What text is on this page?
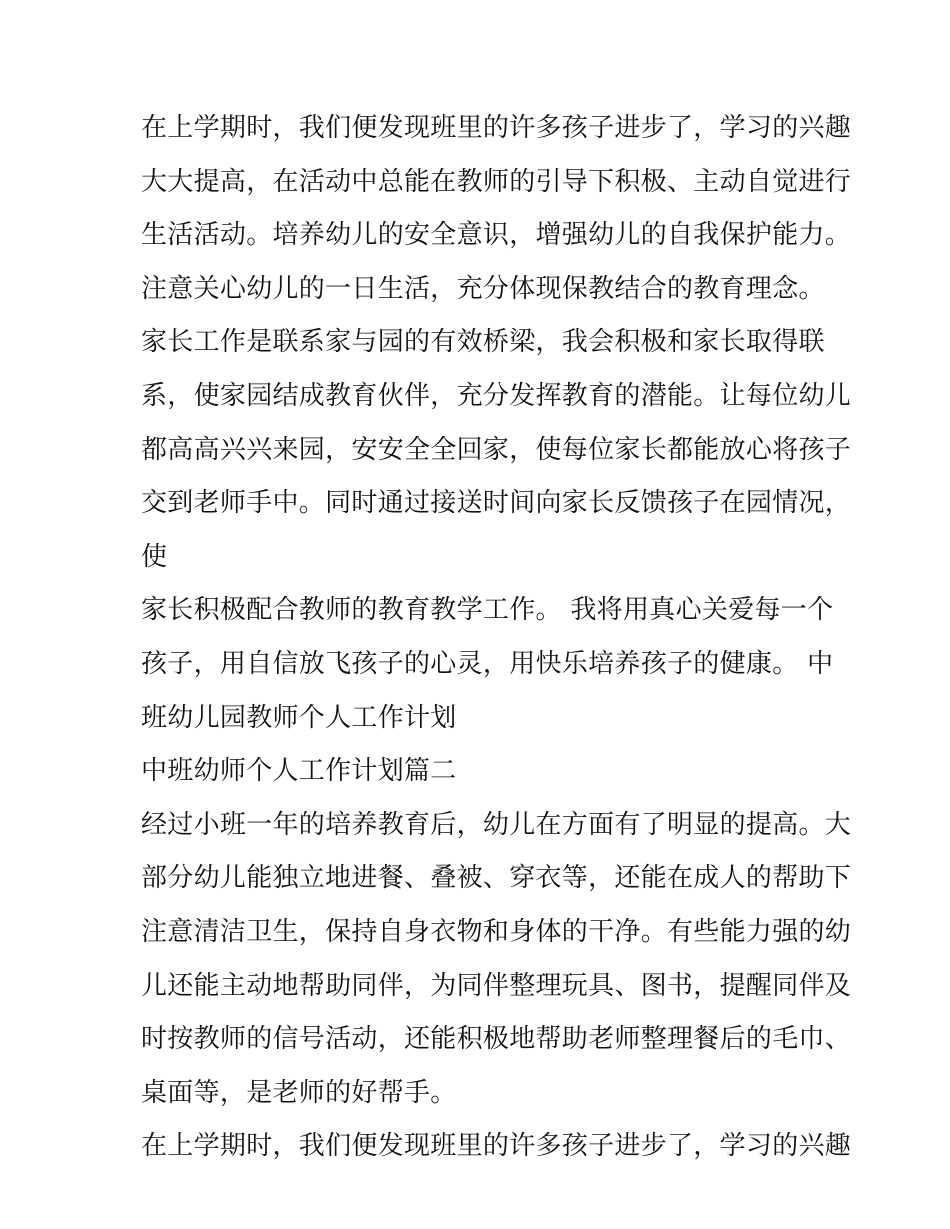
在上学期时，我们便发现班里的许多孩子进步了，学习的兴趣
大大提高，在活动中总能在教师的引导下积极、主动自觉进行
生活活动。培养幼儿的安全意识，增强幼儿的自我保护能力。
注意关心幼儿的一日生活，充分体现保教结合的教育理念。
家长工作是联系家与园的有效桥梁，我会积极和家长取得联
系，使家园结成教育伙伴，充分发挥教育的潜能。让每位幼儿
都高高兴兴来园，安安全全回家，使每位家长都能放心将孩子
交到老师手中。同时通过接送时间向家长反馈孩子在园情况，
使
家长积极配合教师的教育教学工作。 我将用真心关爱每一个
孩子，用自信放飞孩子的心灵，用快乐培养孩子的健康。 中
班幼儿园教师个人工作计划
中班幼师个人工作计划篇二
经过小班一年的培养教育后，幼儿在方面有了明显的提高。大
部分幼儿能独立地进餐、叠被、穿衣等，还能在成人的帮助下
注意清洁卫生，保持自身衣物和身体的干净。有些能力强的幼
儿还能主动地帮助同伴，为同伴整理玩具、图书，提醒同伴及
时按教师的信号活动，还能积极地帮助老师整理餐后的毛巾、
桌面等，是老师的好帮手。
在上学期时，我们便发现班里的许多孩子进步了，学习的兴趣
